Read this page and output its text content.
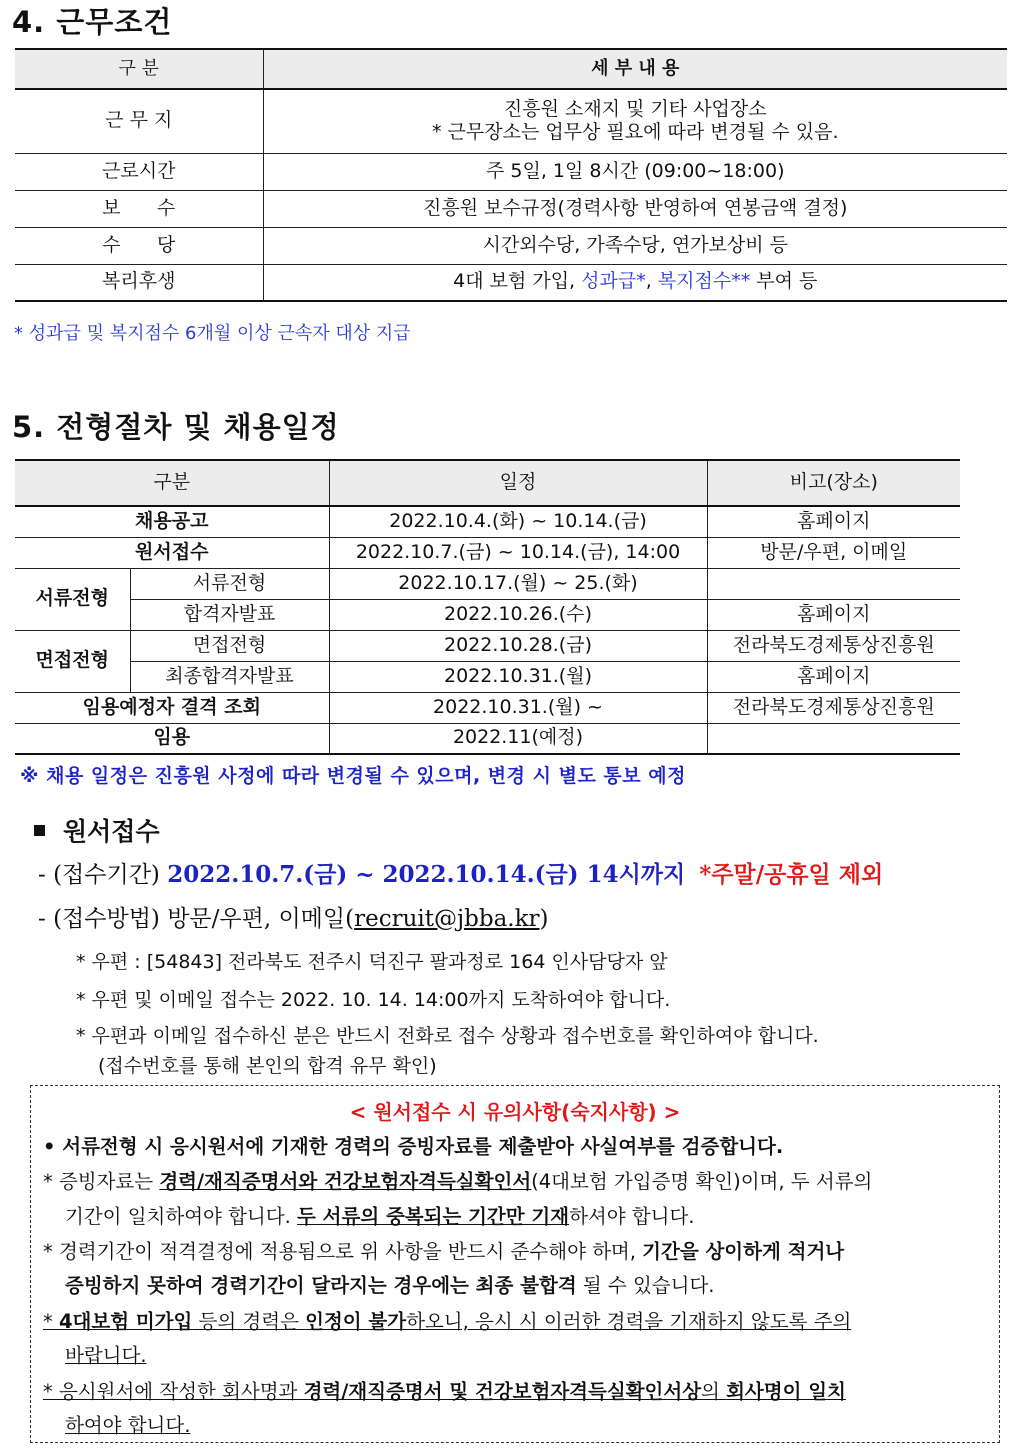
4. 근무조건
구 분	세 부 내 용
근 무 지	진흥원 소재지 및 기타 사업장소
* 근무장소는 업무상 필요에 따라 변경될 수 있음.

근로시간	주 5일, 1일 8시간 (09:00~18:00)
보      수	진흥원 보수규정(경력사항 반영하여 연봉금액 결정)
수      당	시간외수당, 가족수당, 연가보상비 등
복리후생	4대 보험 가입, 성과급*, 복지점수** 부여 등
* 성과급 및 복지점수 6개월 이상 근속자 대상 지급
5. 전형절차 및 채용일정
구분		일정	비고(장소)
채용공고		2022.10.4.(화) ~ 10.14.(금)	홈페이지
원서접수		2022.10.7.(금) ~ 10.14.(금), 14:00	방문/우편, 이메일
서류전형	서류전형	2022.10.17.(월) ~ 25.(화)	
	합격자발표	2022.10.26.(수)	홈페이지
면접전형	면접전형	2022.10.28.(금)	전라북도경제통상진흥원
	최종합격자발표	2022.10.31.(월)	홈페이지
임용예정자 결격 조회		2022.10.31.(월) ~	전라북도경제통상진흥원
임용		2022.11(예정)	
※ 채용 일정은 진흥원 사정에 따라 변경될 수 있으며, 변경 시 별도 통보 예정
원서접수
- (접수기간) 2022.10.7.(금) ~ 2022.10.14.(금) 14시까지 *주말/공휴일 제외
- (접수방법) 방문/우편, 이메일(recruit@jbba.kr)
* 우편 : [54843] 전라북도 전주시 덕진구 팔과정로 164 인사담당자 앞
* 우편 및 이메일 접수는 2022. 10. 14. 14:00까지 도착하여야 합니다.
* 우편과 이메일 접수하신 분은 반드시 전화로 접수 상황과 접수번호를 확인하여야 합니다.
(접수번호를 통해 본인의 합격 유무 확인)
< 원서접수 시 유의사항(숙지사항) >
• 서류전형 시 응시원서에 기재한 경력의 증빙자료를 제출받아 사실여부를 검증합니다.
* 증빙자료는 경력/재직증명서와 건강보험자격득실확인서(4대보험 가입증명 확인)이며, 두 서류의
기간이 일치하여야 합니다. 두 서류의 중복되는 기간만 기재하셔야 합니다.
* 경력기간이 적격결정에 적용됨으로 위 사항을 반드시 준수해야 하며, 기간을 상이하게 적거나
증빙하지 못하여 경력기간이 달라지는 경우에는 최종 불합격 될 수 있습니다.
* 4대보험 미가입 등의 경력은 인정이 불가하오니, 응시 시 이러한 경력을 기재하지 않도록 주의
바랍니다.
* 응시원서에 작성한 회사명과 경력/재직증명서 및 건강보험자격득실확인서상의 회사명이 일치
하여야 합니다.
